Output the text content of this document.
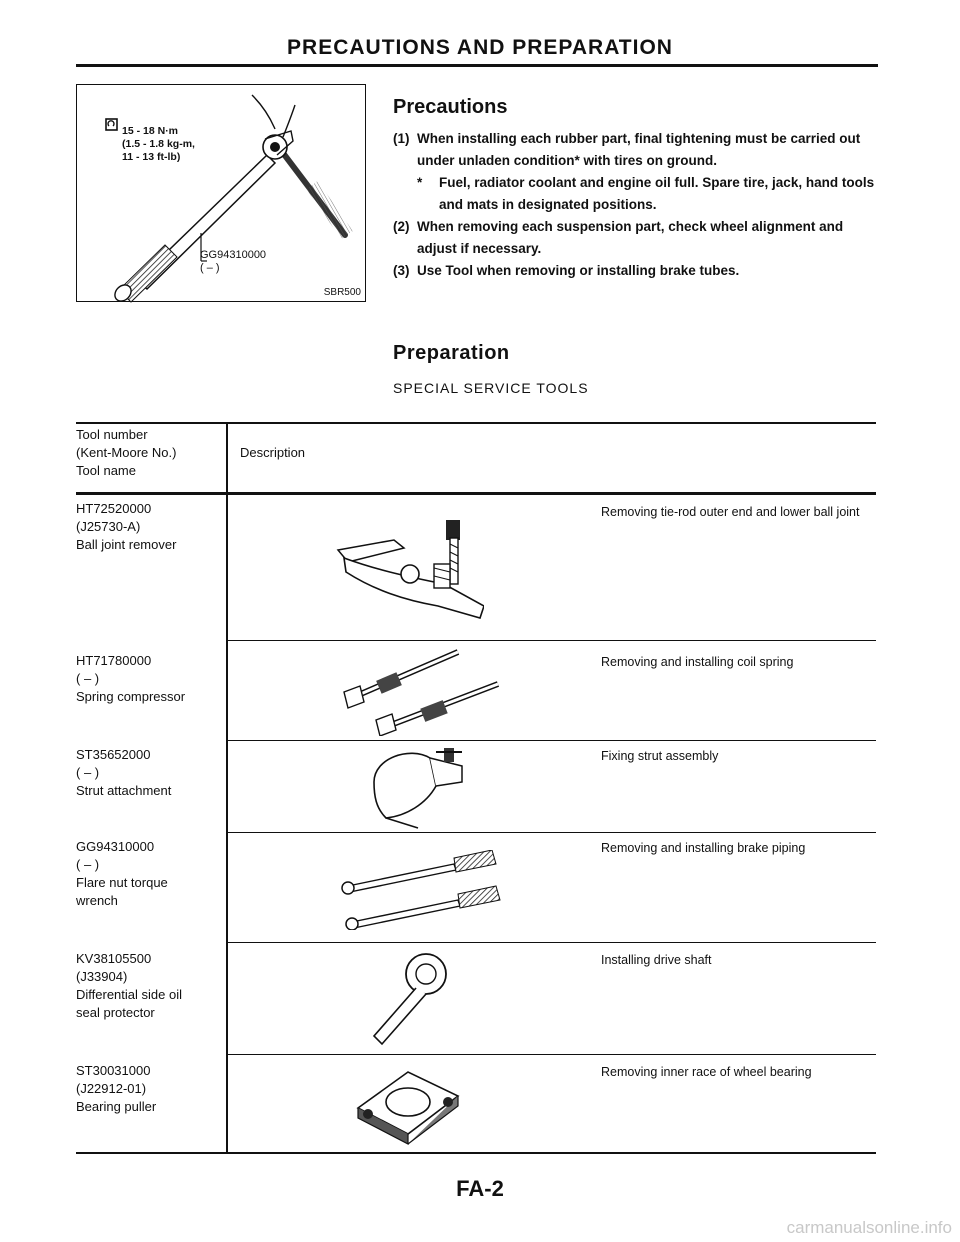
PRECAUTIONS AND PREPARATION
15 - 18 N·m
(1.5 - 1.8 kg-m,
11 - 13 ft-lb)
GG94310000
( – )
SBR500
Precautions
(1) When installing each rubber part, final tightening must be carried out under unladen condition* with tires on ground.
*	Fuel, radiator coolant and engine oil full. Spare tire, jack, hand tools and mats in designated positions.
(2) When removing each suspension part, check wheel alignment and adjust if necessary.
(3) Use Tool when removing or installing brake tubes.
Preparation
SPECIAL SERVICE TOOLS
Tool number
(Kent-Moore No.)
Tool name
Description
HT72520000
(J25730-A)
Ball joint remover
Removing tie-rod outer end and lower ball joint
HT71780000
( – )
Spring compressor
Removing and installing coil spring
ST35652000
( – )
Strut attachment
Fixing strut assembly
GG94310000
( – )
Flare nut torque
wrench
Removing and installing brake piping
KV38105500
(J33904)
Differential side oil
seal protector
Installing drive shaft
ST30031000
(J22912-01)
Bearing puller
Removing inner race of wheel bearing
FA-2
carmanualsonline.info
